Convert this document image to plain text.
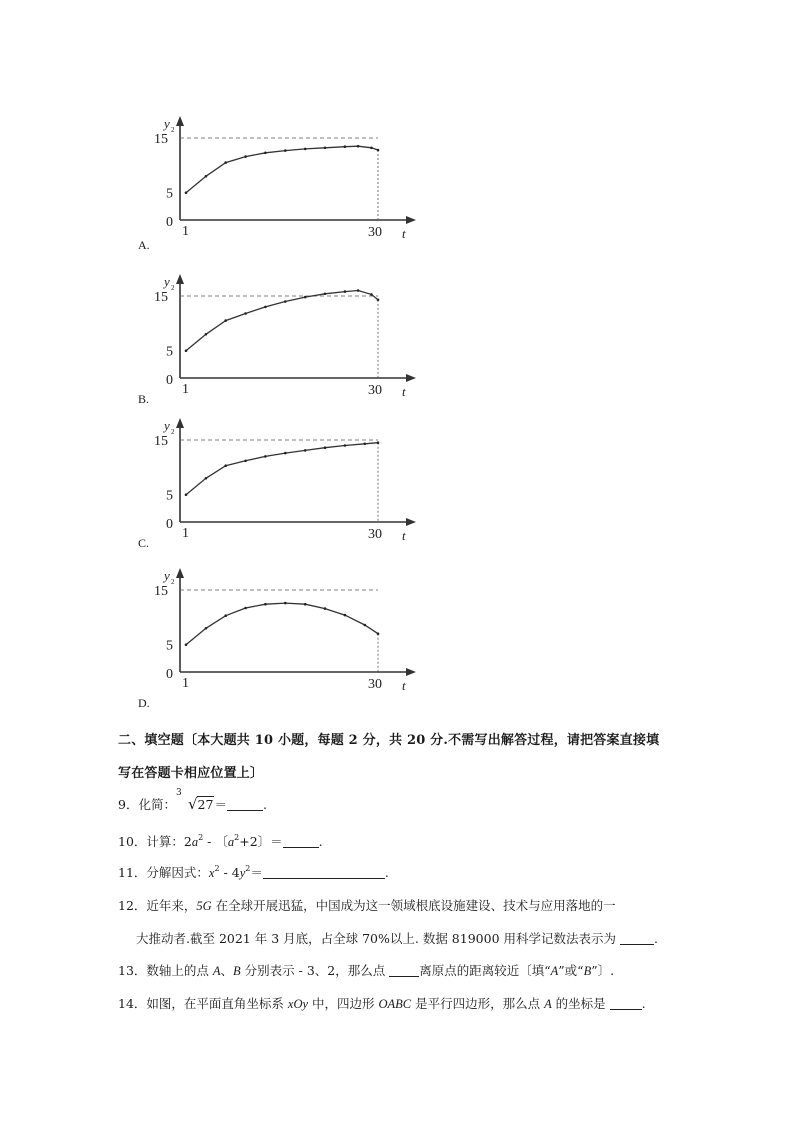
y 2
15
5
0
1	30 t
A.
y 2
15
5
0
1	30 t
B.
y 2
15
5
0
1	30 t
C.
y 2
15
5
0
1	30 t
D.
二、填空题〔本大题共 10 小题，每题 2 分，共 20 分.不需写出解答过程，请把答案直接填
写在答题卡相应位置上〕
9．化简：
3
√27＝	.
10．计算：$2a^2$ - 〔$a^2+2$〕＝	.
11．分解因式：$x^2 - 4y^2=$	.
12．近年来，5G 在全球开展迅猛，中国成为这一领域根底设施建设、技术与应用落地的一
大推动者.截至 2021 年 3 月底，占全球 70%以上. 数据 819000 用科学记数法表示为	.
13．数轴上的点 A、B 分别表示 - 3、2，那么点	离原点的距离较近〔填“A”或“B”〕.
14．如图，在平面直角坐标系 xOy 中，四边形 OABC 是平行四边形，那么点 A 的坐标是	.
